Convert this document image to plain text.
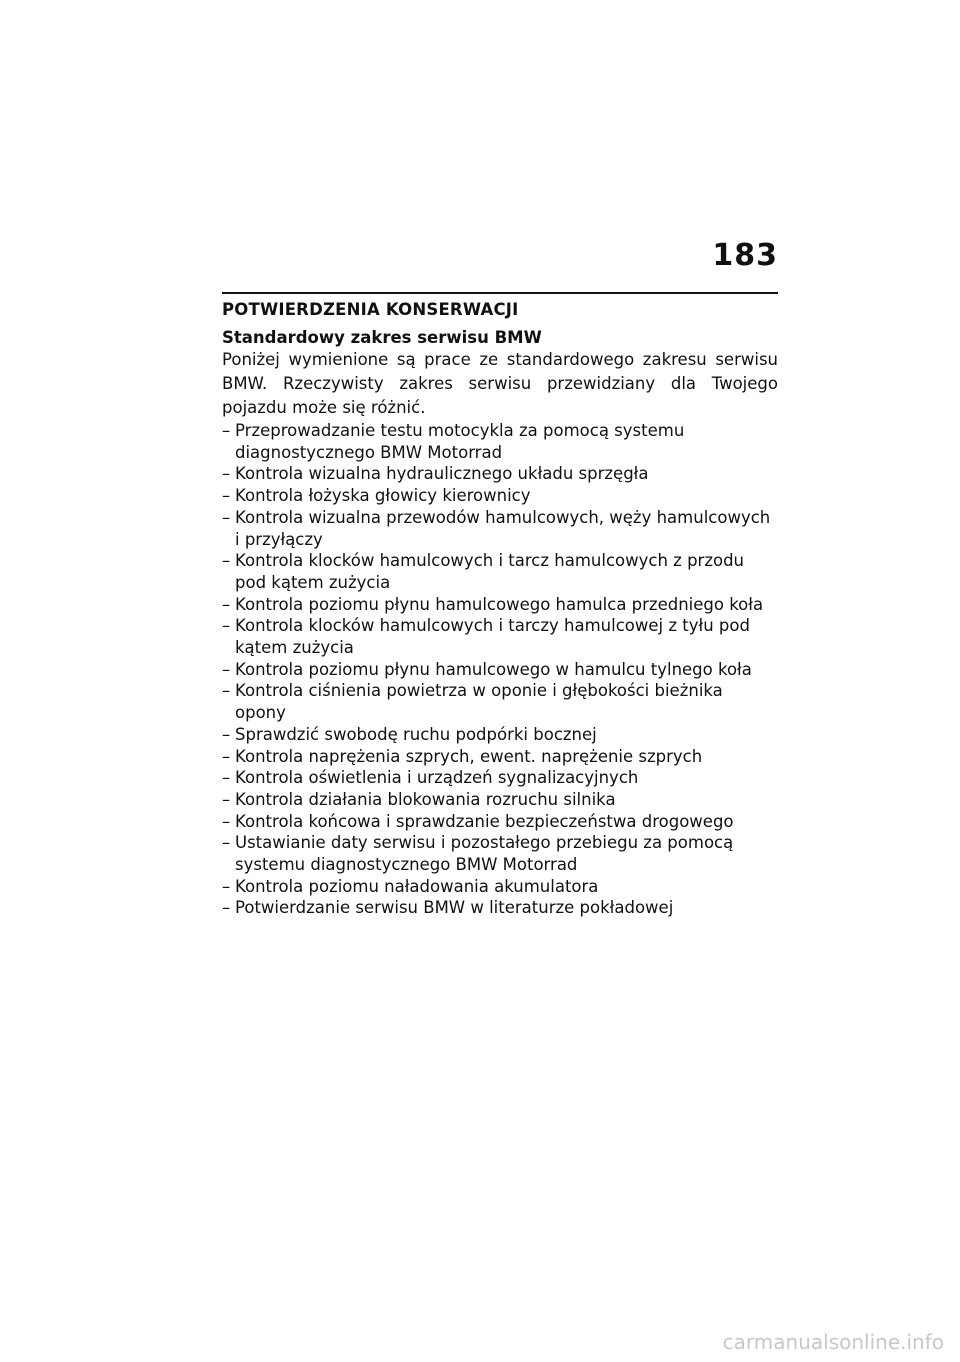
183
POTWIERDZENIA KONSERWACJI
Standardowy zakres serwisu BMW
Poniżej wymienione są prace ze standardowego zakresu serwisu BMW. Rzeczywisty zakres serwisu przewidziany dla Twojego pojazdu może się różnić.
– Przeprowadzanie testu motocykla za pomocą systemu diagnostycznego BMW Motorrad
– Kontrola wizualna hydraulicznego układu sprzęgła
– Kontrola łożyska głowicy kierownicy
– Kontrola wizualna przewodów hamulcowych, węży hamulcowych i przyłączy
– Kontrola klocków hamulcowych i tarcz hamulcowych z przodu pod kątem zużycia
– Kontrola poziomu płynu hamulcowego hamulca przedniego koła
– Kontrola klocków hamulcowych i tarczy hamulcowej z tyłu pod kątem zużycia
– Kontrola poziomu płynu hamulcowego w hamulcu tylnego koła
– Kontrola ciśnienia powietrza w oponie i głębokości bieżnika opony
– Sprawdzić swobodę ruchu podpórki bocznej
– Kontrola naprężenia szprych, ewent. naprężenie szprych
– Kontrola oświetlenia i urządzeń sygnalizacyjnych
– Kontrola działania blokowania rozruchu silnika
– Kontrola końcowa i sprawdzanie bezpieczeństwa drogowego
– Ustawianie daty serwisu i pozostałego przebiegu za pomocą systemu diagnostycznego BMW Motorrad
– Kontrola poziomu naładowania akumulatora
– Potwierdzanie serwisu BMW w literaturze pokładowej
carmanualsonline.info
